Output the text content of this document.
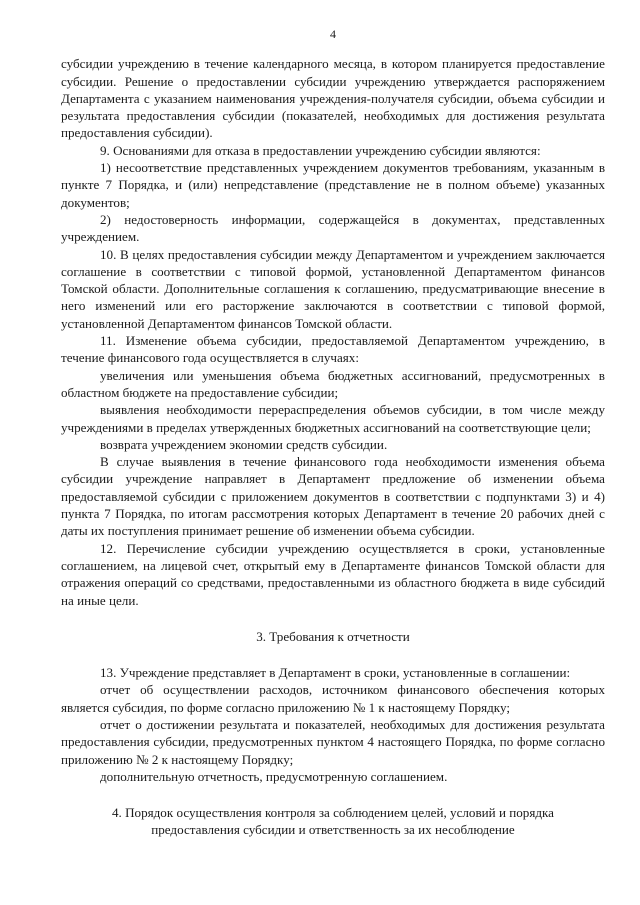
4

субсидии учреждению в течение календарного месяца, в котором планируется предоставление субсидии. Решение о предоставлении субсидии учреждению утверждается распоряжением Департамента с указанием наименования учреждения-получателя субсидии, объема субсидии и результата предоставления субсидии (показателей, необходимых для достижения результата предоставления субсидии).

9. Основаниями для отказа в предоставлении учреждению субсидии являются:

1) несоответствие представленных учреждением документов требованиям, указанным в пункте 7 Порядка, и (или) непредставление (представление не в полном объеме) указанных документов;

2) недостоверность информации, содержащейся в документах, представленных учреждением.

10. В целях предоставления субсидии между Департаментом и учреждением заключается соглашение в соответствии с типовой формой, установленной Департаментом финансов Томской области. Дополнительные соглашения к соглашению, предусматривающие внесение в него изменений или его расторжение заключаются в соответствии с типовой формой, установленной Департаментом финансов Томской области.

11. Изменение объема субсидии, предоставляемой Департаментом учреждению, в течение финансового года осуществляется в случаях:

увеличения или уменьшения объема бюджетных ассигнований, предусмотренных в областном бюджете на предоставление субсидии;

выявления необходимости перераспределения объемов субсидии, в том числе между учреждениями в пределах утвержденных бюджетных ассигнований на соответствующие цели;

возврата учреждением экономии средств субсидии.

В случае выявления в течение финансового года необходимости изменения объема субсидии учреждение направляет в Департамент предложение об изменении объема предоставляемой субсидии с приложением документов в соответствии с подпунктами 3) и 4) пункта 7 Порядка, по итогам рассмотрения которых Департамент в течение 20 рабочих дней с даты их поступления принимает решение об изменении объема субсидии.

12. Перечисление субсидии учреждению осуществляется в сроки, установленные соглашением, на лицевой счет, открытый ему в Департаменте финансов Томской области для отражения операций со средствами, предоставленными из областного бюджета в виде субсидий на иные цели.

3. Требования к отчетности

13. Учреждение представляет в Департамент в сроки, установленные в соглашении:

отчет об осуществлении расходов, источником финансового обеспечения которых является субсидия, по форме согласно приложению № 1 к настоящему Порядку;

отчет о достижении результата и показателей, необходимых для достижения результата предоставления субсидии, предусмотренных пунктом 4 настоящего Порядка, по форме согласно приложению № 2 к настоящему Порядку;

дополнительную отчетность, предусмотренную соглашением.

4. Порядок осуществления контроля за соблюдением целей, условий и порядка
предоставления субсидии и ответственность за их несоблюдение
